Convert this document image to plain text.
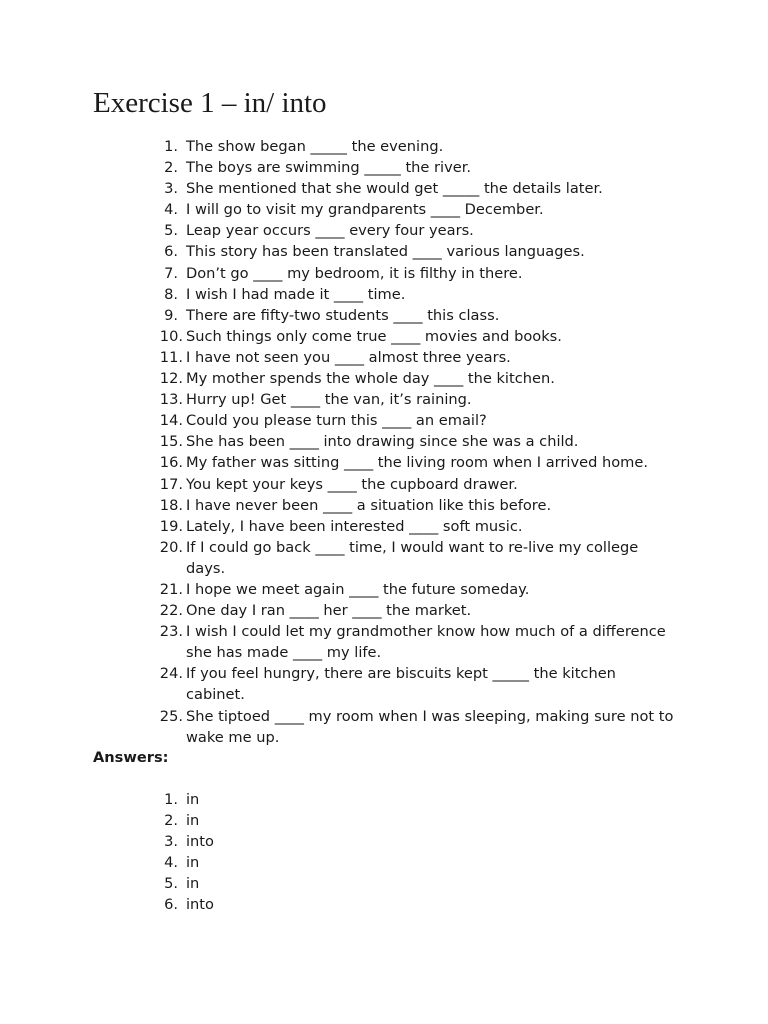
Exercise 1 – in/ into
1. The show began _____ the evening.
2. The boys are swimming _____ the river.
3. She mentioned that she would get _____ the details later.
4. I will go to visit my grandparents ____ December.
5. Leap year occurs ____ every four years.
6. This story has been translated ____ various languages.
7. Don’t go ____ my bedroom, it is filthy in there.
8. I wish I had made it ____ time.
9. There are fifty-two students ____ this class.
10. Such things only come true ____ movies and books.
11. I have not seen you ____ almost three years.
12. My mother spends the whole day ____ the kitchen.
13. Hurry up! Get ____ the van, it’s raining.
14. Could you please turn this ____ an email?
15. She has been ____ into drawing since she was a child.
16. My father was sitting ____ the living room when I arrived home.
17. You kept your keys ____ the cupboard drawer.
18. I have never been ____ a situation like this before.
19. Lately, I have been interested ____ soft music.
20. If I could go back ____ time, I would want to re-live my college days.
21. I hope we meet again ____ the future someday.
22. One day I ran ____ her ____ the market.
23. I wish I could let my grandmother know how much of a difference she has made ____ my life.
24. If you feel hungry, there are biscuits kept _____ the kitchen cabinet.
25. She tiptoed ____ my room when I was sleeping, making sure not to wake me up.
Answers:
1. in
2. in
3. into
4. in
5. in
6. into
